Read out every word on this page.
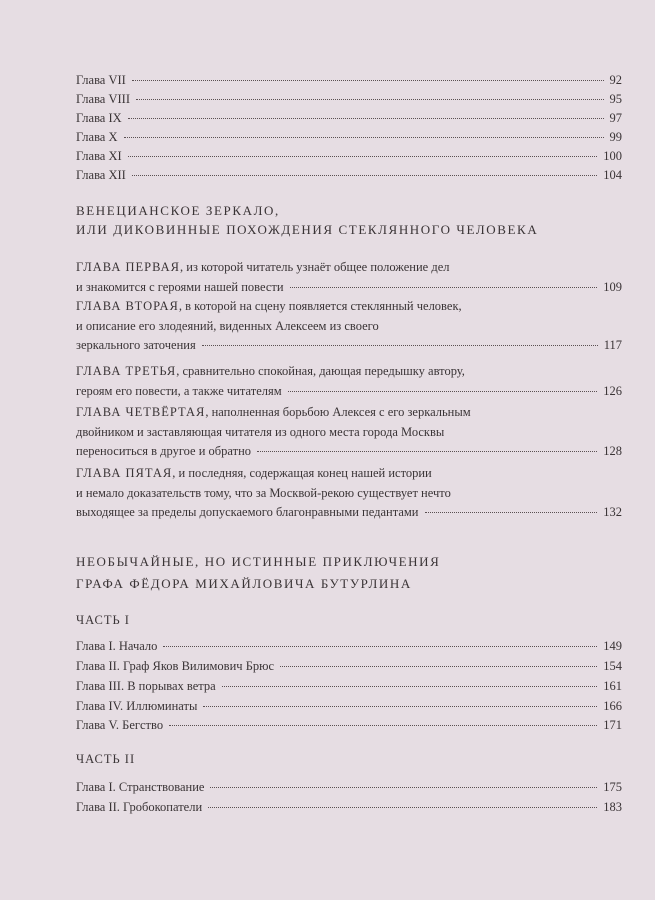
Глава VII	92
Глава VIII	95
Глава IX	97
Глава X	99
Глава XI	100
Глава XII	104
ВЕНЕЦИАНСКОЕ ЗЕРКАЛО,
ИЛИ ДИКОВИННЫЕ ПОХОЖДЕНИЯ СТЕКЛЯННОГО ЧЕЛОВЕКА
ГЛАВА ПЕРВАЯ , из которой читатель узнаёт общее положение дел
и знакомится с героями нашей повести	109
ГЛАВА ВТОРАЯ , в которой на сцену появляется стеклянный человек,
и описание его злодеяний, виденных Алексеем из своего
зеркального заточения	117
ГЛАВА ТРЕТЬЯ , сравнительно спокойная, дающая передышку автору,
героям его повести, а также читателям	126
ГЛАВА ЧЕТВЁРТАЯ , наполненная борьбою Алексея с его зеркальным
двойником и заставляющая читателя из одного места города Москвы
переноситься в другое и обратно	128
ГЛАВА ПЯТАЯ , и последняя, содержащая конец нашей истории
и немало доказательств тому, что за Москвой-рекою существует нечто
выходящее за пределы допускаемого благонравными педантами	132
НЕОБЫЧАЙНЫЕ, НО ИСТИННЫЕ ПРИКЛЮЧЕНИЯ
ГРАФА ФЁДОРА МИХАЙЛОВИЧА БУТУРЛИНА
ЧАСТЬ I
Глава I. Начало	149
Глава II. Граф Яков Вилимович Брюс	154
Глава III. В порывах ветра	161
Глава IV. Иллюминаты	166
Глава V. Бегство	171
ЧАСТЬ II
Глава I. Странствование	175
Глава II. Гробокопатели	183
